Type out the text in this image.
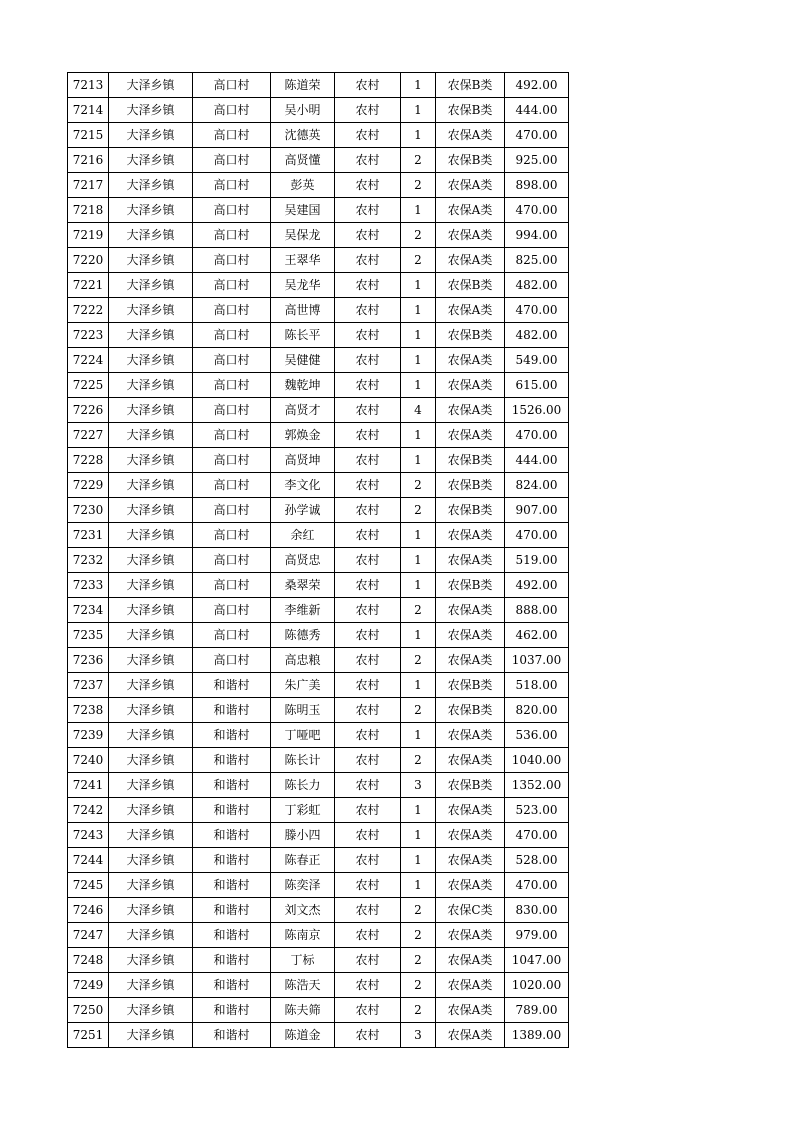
7213	大泽乡镇	高口村	陈道荣	农村	1	农保B类	492.00
7214	大泽乡镇	高口村	吴小明	农村	1	农保B类	444.00
7215	大泽乡镇	高口村	沈德英	农村	1	农保A类	470.00
7216	大泽乡镇	高口村	高贤懂	农村	2	农保B类	925.00
7217	大泽乡镇	高口村	彭英	农村	2	农保A类	898.00
7218	大泽乡镇	高口村	吴建国	农村	1	农保A类	470.00
7219	大泽乡镇	高口村	吴保龙	农村	2	农保A类	994.00
7220	大泽乡镇	高口村	王翠华	农村	2	农保A类	825.00
7221	大泽乡镇	高口村	吴龙华	农村	1	农保B类	482.00
7222	大泽乡镇	高口村	高世博	农村	1	农保A类	470.00
7223	大泽乡镇	高口村	陈长平	农村	1	农保B类	482.00
7224	大泽乡镇	高口村	吴健健	农村	1	农保A类	549.00
7225	大泽乡镇	高口村	魏乾坤	农村	1	农保A类	615.00
7226	大泽乡镇	高口村	高贤才	农村	4	农保A类	1526.00
7227	大泽乡镇	高口村	郭焕金	农村	1	农保A类	470.00
7228	大泽乡镇	高口村	高贤坤	农村	1	农保B类	444.00
7229	大泽乡镇	高口村	李文化	农村	2	农保B类	824.00
7230	大泽乡镇	高口村	孙学诚	农村	2	农保B类	907.00
7231	大泽乡镇	高口村	余红	农村	1	农保A类	470.00
7232	大泽乡镇	高口村	高贤忠	农村	1	农保A类	519.00
7233	大泽乡镇	高口村	桑翠荣	农村	1	农保B类	492.00
7234	大泽乡镇	高口村	李维新	农村	2	农保A类	888.00
7235	大泽乡镇	高口村	陈德秀	农村	1	农保A类	462.00
7236	大泽乡镇	高口村	高忠粮	农村	2	农保A类	1037.00
7237	大泽乡镇	和谐村	朱广美	农村	1	农保B类	518.00
7238	大泽乡镇	和谐村	陈明玉	农村	2	农保B类	820.00
7239	大泽乡镇	和谐村	丁哑吧	农村	1	农保A类	536.00
7240	大泽乡镇	和谐村	陈长计	农村	2	农保A类	1040.00
7241	大泽乡镇	和谐村	陈长力	农村	3	农保B类	1352.00
7242	大泽乡镇	和谐村	丁彩虹	农村	1	农保A类	523.00
7243	大泽乡镇	和谐村	滕小四	农村	1	农保A类	470.00
7244	大泽乡镇	和谐村	陈春正	农村	1	农保A类	528.00
7245	大泽乡镇	和谐村	陈奕泽	农村	1	农保A类	470.00
7246	大泽乡镇	和谐村	刘文杰	农村	2	农保C类	830.00
7247	大泽乡镇	和谐村	陈南京	农村	2	农保A类	979.00
7248	大泽乡镇	和谐村	丁标	农村	2	农保A类	1047.00
7249	大泽乡镇	和谐村	陈浩天	农村	2	农保A类	1020.00
7250	大泽乡镇	和谐村	陈夫筛	农村	2	农保A类	789.00
7251	大泽乡镇	和谐村	陈道金	农村	3	农保A类	1389.00
